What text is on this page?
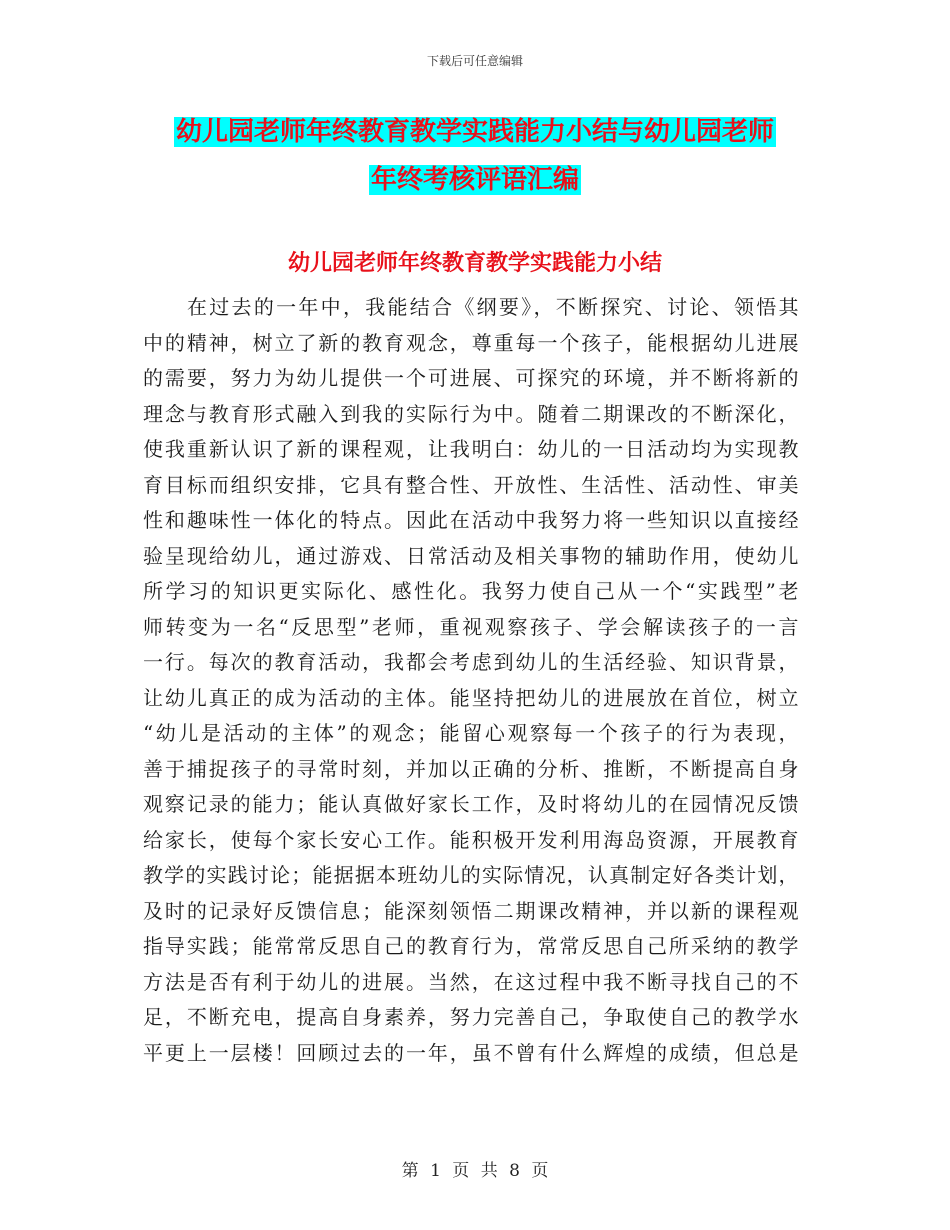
下载后可任意编辑
幼儿园老师年终教育教学实践能力小结与幼儿园老师
年终考核评语汇编
幼儿园老师年终教育教学实践能力小结
在过去的一年中，我能结合《纲要》，不断探究、讨论、领悟其
中的精神，树立了新的教育观念，尊重每一个孩子，能根据幼儿进展
的需要，努力为幼儿提供一个可进展、可探究的环境，并不断将新的
理念与教育形式融入到我的实际行为中。随着二期课改的不断深化，
使我重新认识了新的课程观，让我明白：幼儿的一日活动均为实现教
育目标而组织安排，它具有整合性、开放性、生活性、活动性、审美
性和趣味性一体化的特点。因此在活动中我努力将一些知识以直接经
验呈现给幼儿，通过游戏、日常活动及相关事物的辅助作用，使幼儿
所学习的知识更实际化、感性化。我努力使自己从一个“实践型”老
师转变为一名“反思型”老师，重视观察孩子、学会解读孩子的一言
一行。每次的教育活动，我都会考虑到幼儿的生活经验、知识背景，
让幼儿真正的成为活动的主体。能坚持把幼儿的进展放在首位，树立
“幼儿是活动的主体”的观念；能留心观察每一个孩子的行为表现，
善于捕捉孩子的寻常时刻，并加以正确的分析、推断，不断提高自身
观察记录的能力；能认真做好家长工作，及时将幼儿的在园情况反馈
给家长，使每个家长安心工作。能积极开发利用海岛资源，开展教育
教学的实践讨论；能据据本班幼儿的实际情况，认真制定好各类计划，
及时的记录好反馈信息；能深刻领悟二期课改精神，并以新的课程观
指导实践；能常常反思自己的教育行为，常常反思自己所采纳的教学
方法是否有利于幼儿的进展。当然，在这过程中我不断寻找自己的不
足，不断充电，提高自身素养，努力完善自己，争取使自己的教学水
平更上一层楼！回顾过去的一年，虽不曾有什么辉煌的成绩，但总是
第 1 页 共 8 页
